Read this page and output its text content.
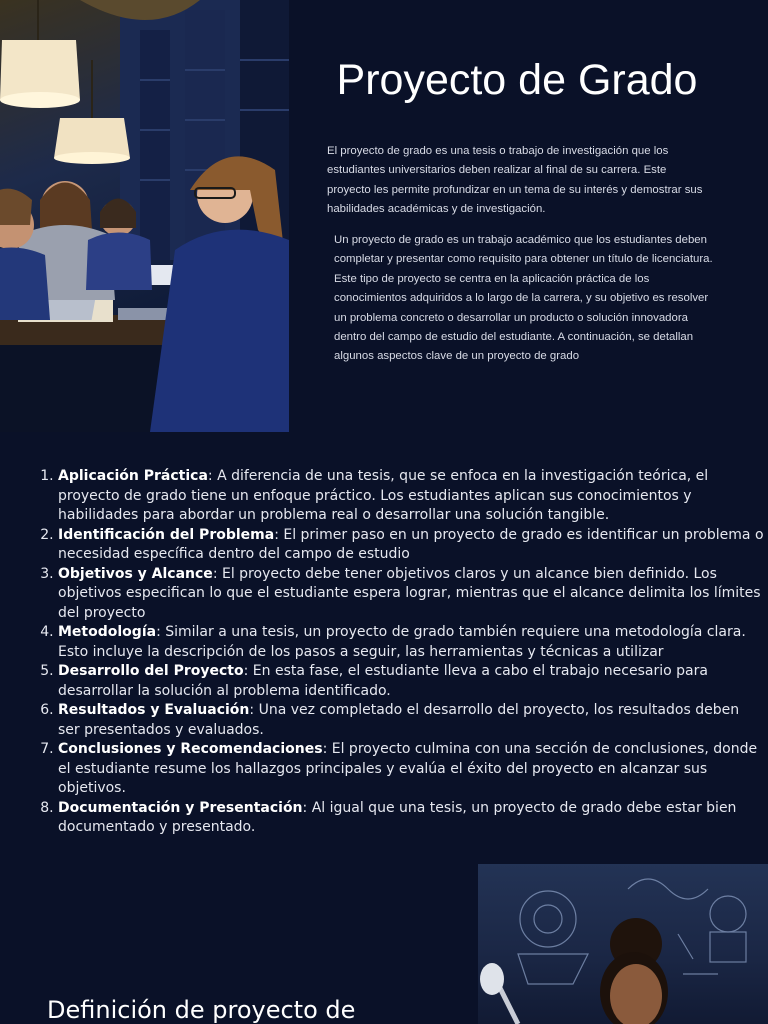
Proyecto de Grado

El proyecto de grado es una tesis o trabajo de investigación que los estudiantes universitarios deben realizar al final de su carrera. Este proyecto les permite profundizar en un tema de su interés y demostrar sus habilidades académicas y de investigación.

Un proyecto de grado es un trabajo académico que los estudiantes deben completar y presentar como requisito para obtener un título de licenciatura. Este tipo de proyecto se centra en la aplicación práctica de los conocimientos adquiridos a lo largo de la carrera, y su objetivo es resolver un problema concreto o desarrollar un producto o solución innovadora dentro del campo de estudio del estudiante. A continuación, se detallan algunos aspectos clave de un proyecto de grado

1. Aplicación Práctica: A diferencia de una tesis, que se enfoca en la investigación teórica, el proyecto de grado tiene un enfoque práctico. Los estudiantes aplican sus conocimientos y habilidades para abordar un problema real o desarrollar una solución tangible.
2. Identificación del Problema: El primer paso en un proyecto de grado es identificar un problema o necesidad específica dentro del campo de estudio
3. Objetivos y Alcance: El proyecto debe tener objetivos claros y un alcance bien definido. Los objetivos especifican lo que el estudiante espera lograr, mientras que el alcance delimita los límites del proyecto
4. Metodología: Similar a una tesis, un proyecto de grado también requiere una metodología clara. Esto incluye la descripción de los pasos a seguir, las herramientas y técnicas a utilizar
5. Desarrollo del Proyecto: En esta fase, el estudiante lleva a cabo el trabajo necesario para desarrollar la solución al problema identificado.
6. Resultados y Evaluación: Una vez completado el desarrollo del proyecto, los resultados deben ser presentados y evaluados.
7. Conclusiones y Recomendaciones: El proyecto culmina con una sección de conclusiones, donde el estudiante resume los hallazgos principales y evalúa el éxito del proyecto en alcanzar sus objetivos.
8. Documentación y Presentación: Al igual que una tesis, un proyecto de grado debe estar bien documentado y presentado.
Definición de proyecto de
